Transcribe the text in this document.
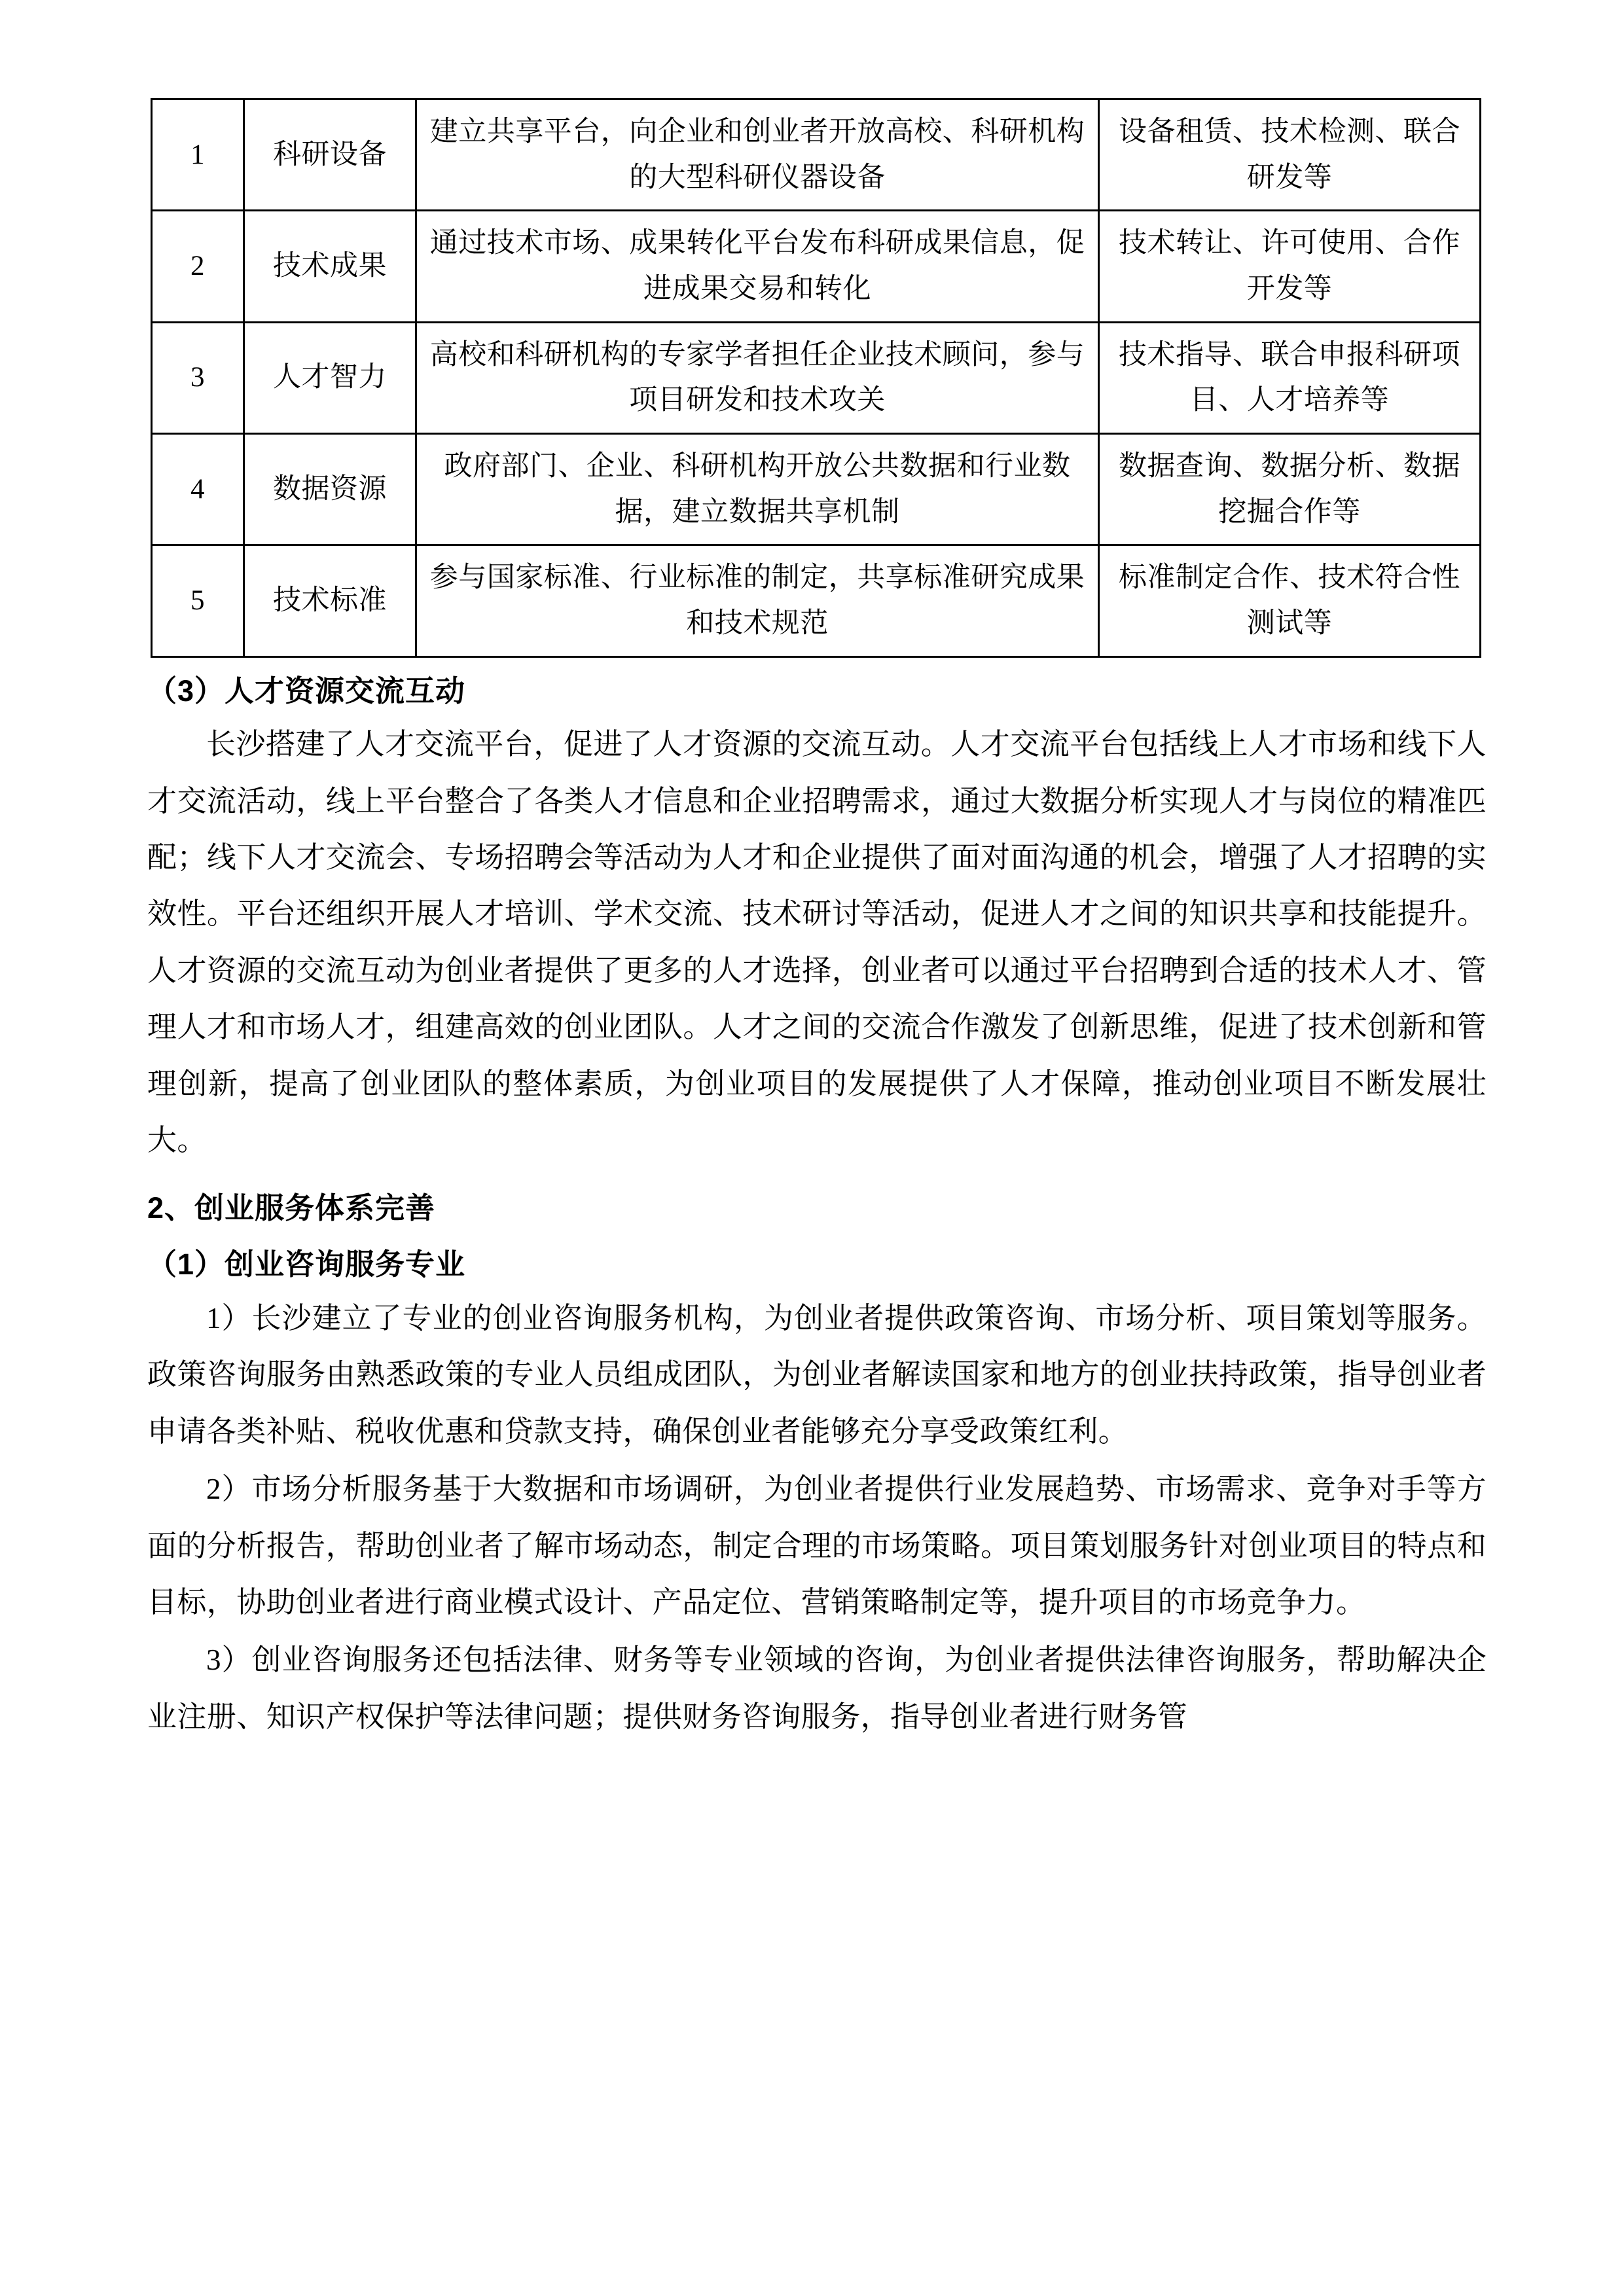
1	科研设备	建立共享平台，向企业和创业者开放高校、科研机构的大型科研仪器设备	设备租赁、技术检测、联合研发等
2	技术成果	通过技术市场、成果转化平台发布科研成果信息，促进成果交易和转化	技术转让、许可使用、合作开发等
3	人才智力	高校和科研机构的专家学者担任企业技术顾问，参与项目研发和技术攻关	技术指导、联合申报科研项目、人才培养等
4	数据资源	政府部门、企业、科研机构开放公共数据和行业数据，建立数据共享机制	数据查询、数据分析、数据挖掘合作等
5	技术标准	参与国家标准、行业标准的制定，共享标准研究成果和技术规范	标准制定合作、技术符合性测试等
（3）人才资源交流互动

长沙搭建了人才交流平台，促进了人才资源的交流互动。人才交流平台包括线上人才市场和线下人才交流活动，线上平台整合了各类人才信息和企业招聘需求，通过大数据分析实现人才与岗位的精准匹配；线下人才交流会、专场招聘会等活动为人才和企业提供了面对面沟通的机会，增强了人才招聘的实效性。平台还组织开展人才培训、学术交流、技术研讨等活动，促进人才之间的知识共享和技能提升。人才资源的交流互动为创业者提供了更多的人才选择，创业者可以通过平台招聘到合适的技术人才、管理人才和市场人才，组建高效的创业团队。人才之间的交流合作激发了创新思维，促进了技术创新和管理创新，提高了创业团队的整体素质，为创业项目的发展提供了人才保障，推动创业项目不断发展壮大。

2、创业服务体系完善
（1）创业咨询服务专业

1）长沙建立了专业的创业咨询服务机构，为创业者提供政策咨询、市场分析、项目策划等服务。政策咨询服务由熟悉政策的专业人员组成团队，为创业者解读国家和地方的创业扶持政策，指导创业者申请各类补贴、税收优惠和贷款支持，确保创业者能够充分享受政策红利。

2）市场分析服务基于大数据和市场调研，为创业者提供行业发展趋势、市场需求、竞争对手等方面的分析报告，帮助创业者了解市场动态，制定合理的市场策略。项目策划服务针对创业项目的特点和目标，协助创业者进行商业模式设计、产品定位、营销策略制定等，提升项目的市场竞争力。

3）创业咨询服务还包括法律、财务等专业领域的咨询，为创业者提供法律咨询服务，帮助解决企业注册、知识产权保护等法律问题；提供财务咨询服务，指导创业者进行财务管
